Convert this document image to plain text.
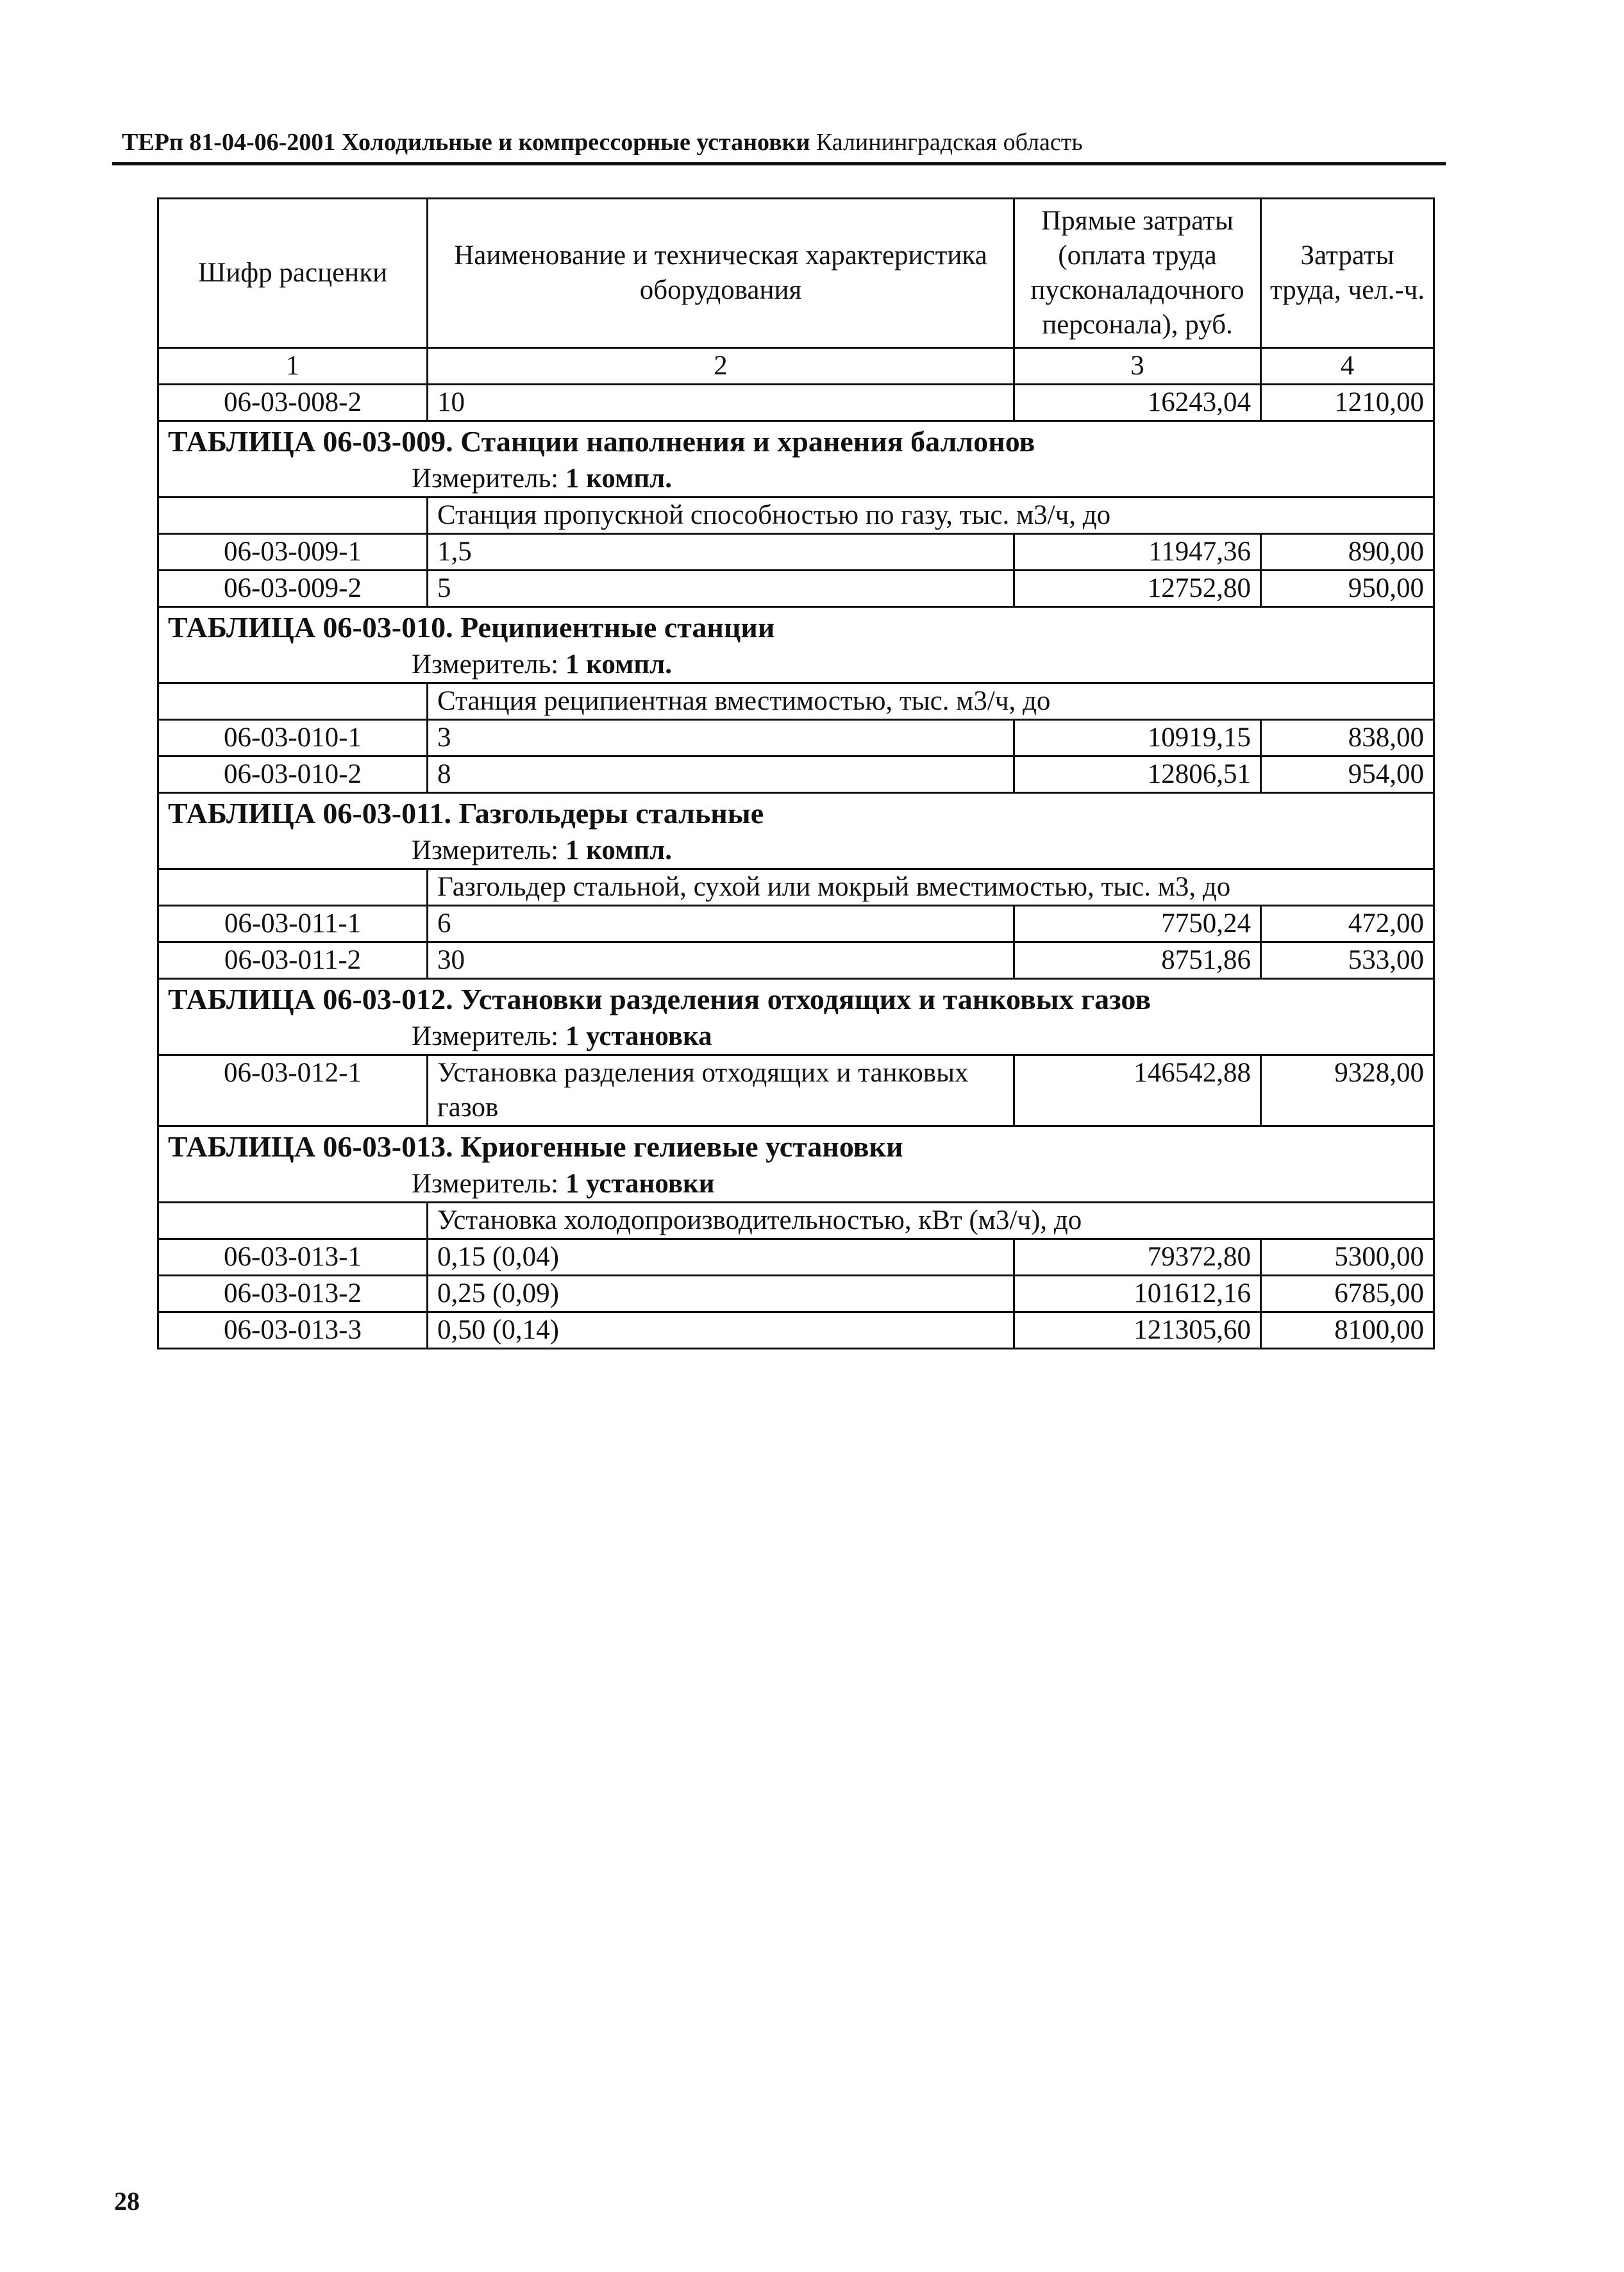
ТЕРп 81-04-06-2001 Холодильные и компрессорные установки Калининградская область
Шифр расценки	Наименование и техническая характеристика оборудования	Прямые затраты (оплата труда пусконаладочного персонала), руб.	Затраты труда, чел.-ч.
1	2	3	4
06-03-008-2	10	16243,04	1210,00

ТАБЛИЦА 06-03-009. Станции наполнения и хранения баллонов
Измеритель: 1 компл.			

	Станция пропускной способностью по газу, тыс. м3/ч, до		
06-03-009-1	1,5	11947,36	890,00
06-03-009-2	5	12752,80	950,00

ТАБЛИЦА 06-03-010. Реципиентные станции
Измеритель: 1 компл.			

	Станция реципиентная вместимостью, тыс. м3/ч, до		
06-03-010-1	3	10919,15	838,00
06-03-010-2	8	12806,51	954,00

ТАБЛИЦА 06-03-011. Газгольдеры стальные
Измеритель: 1 компл.			

	Газгольдер стальной, сухой или мокрый вместимостью, тыс. м3, до		
06-03-011-1	6	7750,24	472,00
06-03-011-2	30	8751,86	533,00

ТАБЛИЦА 06-03-012. Установки разделения отходящих и танковых газов
Измеритель: 1 установка			

06-03-012-1	Установка разделения отходящих и танковых газов	146542,88	9328,00

ТАБЛИЦА 06-03-013. Криогенные гелиевые установки
Измеритель: 1 установки			

	Установка холодопроизводительностью, кВт (м3/ч), до		
06-03-013-1	0,15 (0,04)	79372,80	5300,00
06-03-013-2	0,25 (0,09)	101612,16	6785,00
06-03-013-3	0,50 (0,14)	121305,60	8100,00
28
